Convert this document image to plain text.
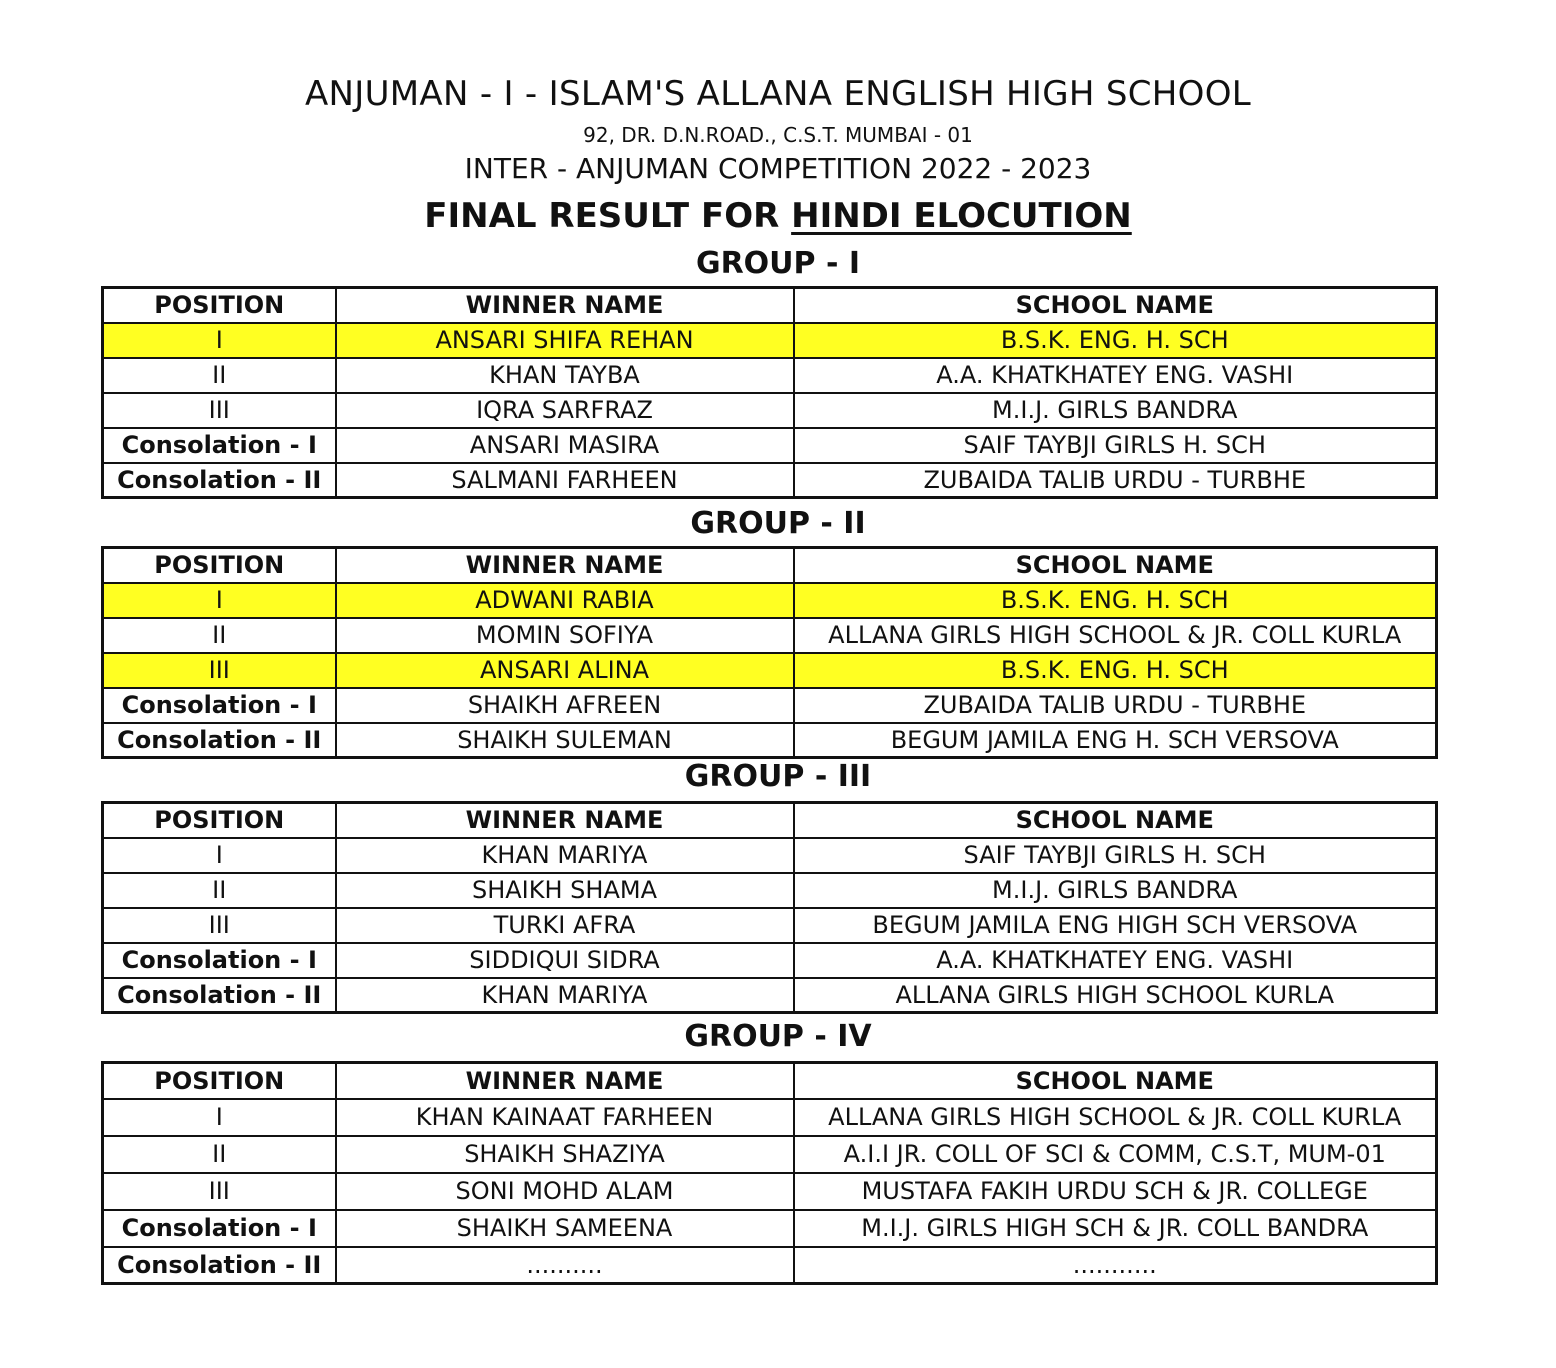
ANJUMAN - I - ISLAM'S ALLANA ENGLISH HIGH SCHOOL
92, DR. D.N.ROAD., C.S.T. MUMBAI - 01
INTER - ANJUMAN COMPETITION 2022 - 2023
FINAL RESULT FOR HINDI ELOCUTION
GROUP - I
POSITION	WINNER NAME	SCHOOL NAME
I	ANSARI SHIFA REHAN	B.S.K. ENG. H. SCH
II	KHAN TAYBA	A.A. KHATKHATEY ENG. VASHI
III	IQRA SARFRAZ	M.I.J. GIRLS BANDRA
Consolation - I	ANSARI MASIRA	SAIF TAYBJI GIRLS H. SCH
Consolation - II	SALMANI FARHEEN	ZUBAIDA TALIB URDU - TURBHE
GROUP - II
POSITION	WINNER NAME	SCHOOL NAME
I	ADWANI RABIA	B.S.K. ENG. H. SCH
II	MOMIN SOFIYA	ALLANA GIRLS HIGH SCHOOL & JR. COLL KURLA
III	ANSARI ALINA	B.S.K. ENG. H. SCH
Consolation - I	SHAIKH AFREEN	ZUBAIDA TALIB URDU - TURBHE
Consolation - II	SHAIKH SULEMAN	BEGUM JAMILA ENG H. SCH VERSOVA
GROUP - III
POSITION	WINNER NAME	SCHOOL NAME
I	KHAN MARIYA	SAIF TAYBJI GIRLS H. SCH
II	SHAIKH SHAMA	M.I.J. GIRLS BANDRA
III	TURKI AFRA	BEGUM JAMILA ENG HIGH SCH VERSOVA
Consolation - I	SIDDIQUI SIDRA	A.A. KHATKHATEY ENG. VASHI
Consolation - II	KHAN MARIYA	ALLANA GIRLS HIGH SCHOOL KURLA
GROUP - IV
POSITION	WINNER NAME	SCHOOL NAME
I	KHAN KAINAAT FARHEEN	ALLANA GIRLS HIGH SCHOOL & JR. COLL KURLA
II	SHAIKH SHAZIYA	A.I.I JR. COLL OF SCI & COMM, C.S.T, MUM-01
III	SONI MOHD ALAM	MUSTAFA FAKIH URDU SCH & JR. COLLEGE
Consolation - I	SHAIKH SAMEENA	M.I.J. GIRLS HIGH SCH & JR. COLL BANDRA
Consolation - II	..........	...........
